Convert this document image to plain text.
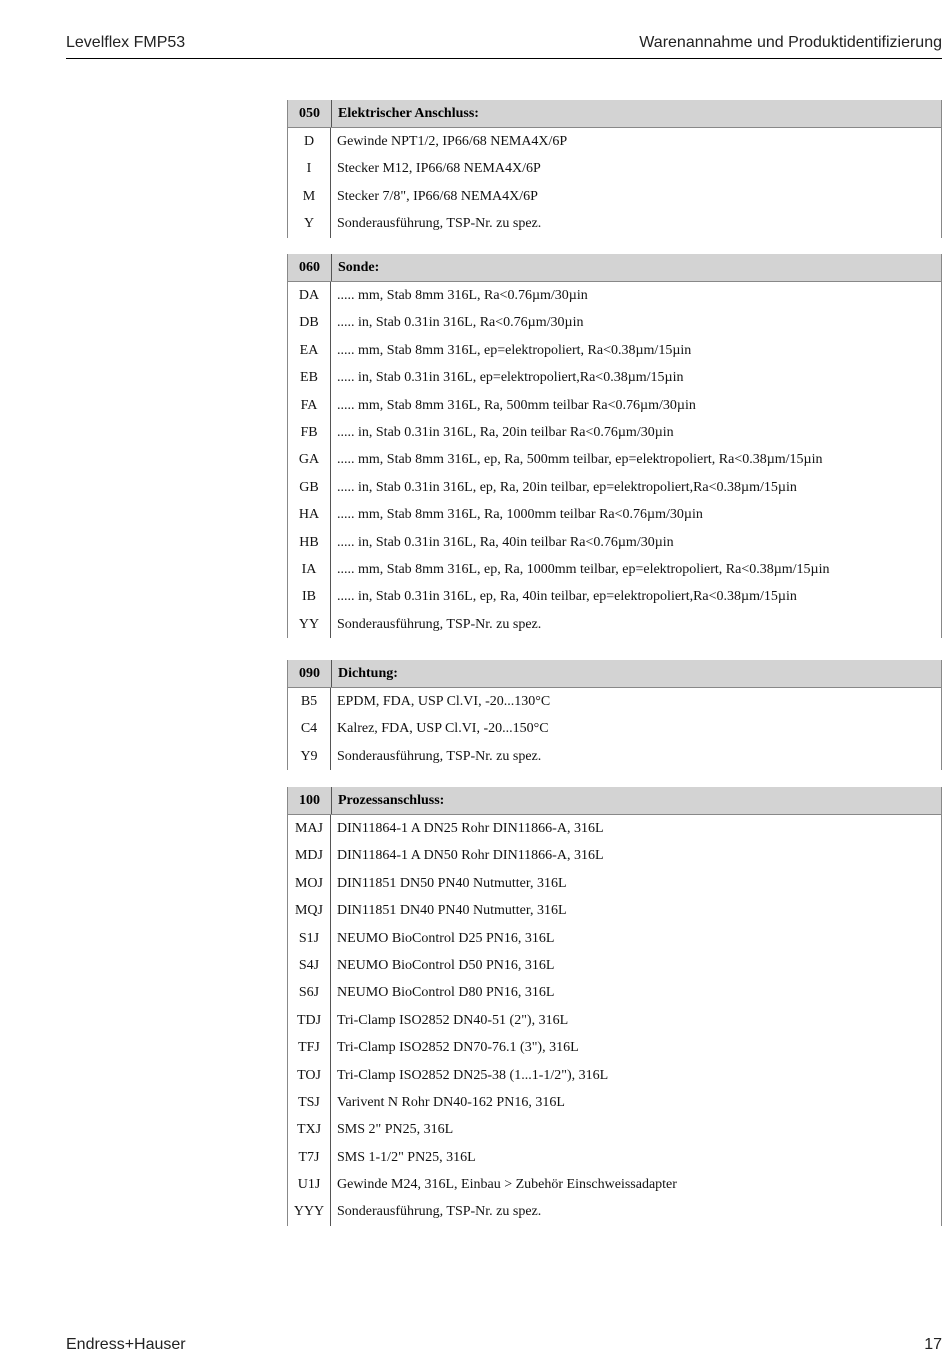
Levelflex FMP53	Warenannahme und Produktidentifizierung
050	Elektrischer Anschluss:
D	Gewinde NPT1/2, IP66/68 NEMA4X/6P
I	Stecker M12, IP66/68 NEMA4X/6P
M	Stecker 7/8", IP66/68 NEMA4X/6P
Y	Sonderausführung, TSP-Nr. zu spez.
060	Sonde:
DA	..... mm, Stab 8mm 316L, Ra<0.76µm/30µin
DB	..... in, Stab 0.31in 316L, Ra<0.76µm/30µin
EA	..... mm, Stab 8mm 316L, ep=elektropoliert, Ra<0.38µm/15µin
EB	..... in, Stab 0.31in 316L, ep=elektropoliert,Ra<0.38µm/15µin
FA	..... mm, Stab 8mm 316L, Ra, 500mm teilbar Ra<0.76µm/30µin
FB	..... in, Stab 0.31in 316L, Ra, 20in teilbar Ra<0.76µm/30µin
GA	..... mm, Stab 8mm 316L, ep, Ra, 500mm teilbar, ep=elektropoliert, Ra<0.38µm/15µin
GB	..... in, Stab 0.31in 316L, ep, Ra, 20in teilbar, ep=elektropoliert,Ra<0.38µm/15µin
HA	..... mm, Stab 8mm 316L, Ra, 1000mm teilbar Ra<0.76µm/30µin
HB	..... in, Stab 0.31in 316L, Ra, 40in teilbar Ra<0.76µm/30µin
IA	..... mm, Stab 8mm 316L, ep, Ra, 1000mm teilbar, ep=elektropoliert, Ra<0.38µm/15µin
IB	..... in, Stab 0.31in 316L, ep, Ra, 40in teilbar, ep=elektropoliert,Ra<0.38µm/15µin
YY	Sonderausführung, TSP-Nr. zu spez.
090	Dichtung:
B5	EPDM, FDA, USP Cl.VI, -20...130°C
C4	Kalrez, FDA, USP Cl.VI, -20...150°C
Y9	Sonderausführung, TSP-Nr. zu spez.
100	Prozessanschluss:
MAJ	DIN11864-1 A DN25 Rohr DIN11866-A, 316L
MDJ	DIN11864-1 A DN50 Rohr DIN11866-A, 316L
MOJ	DIN11851 DN50 PN40 Nutmutter, 316L
MQJ	DIN11851 DN40 PN40 Nutmutter, 316L
S1J	NEUMO BioControl D25 PN16, 316L
S4J	NEUMO BioControl D50 PN16, 316L
S6J	NEUMO BioControl D80 PN16, 316L
TDJ	Tri-Clamp ISO2852 DN40-51 (2"), 316L
TFJ	Tri-Clamp ISO2852 DN70-76.1 (3"), 316L
TOJ	Tri-Clamp ISO2852 DN25-38 (1...1-1/2"), 316L
TSJ	Varivent N Rohr DN40-162 PN16, 316L
TXJ	SMS 2" PN25, 316L
T7J	SMS 1-1/2" PN25, 316L
U1J	Gewinde M24, 316L, Einbau > Zubehör Einschweissadapter
YYY Sonderausführung, TSP-Nr. zu spez.
Endress+Hauser	17
